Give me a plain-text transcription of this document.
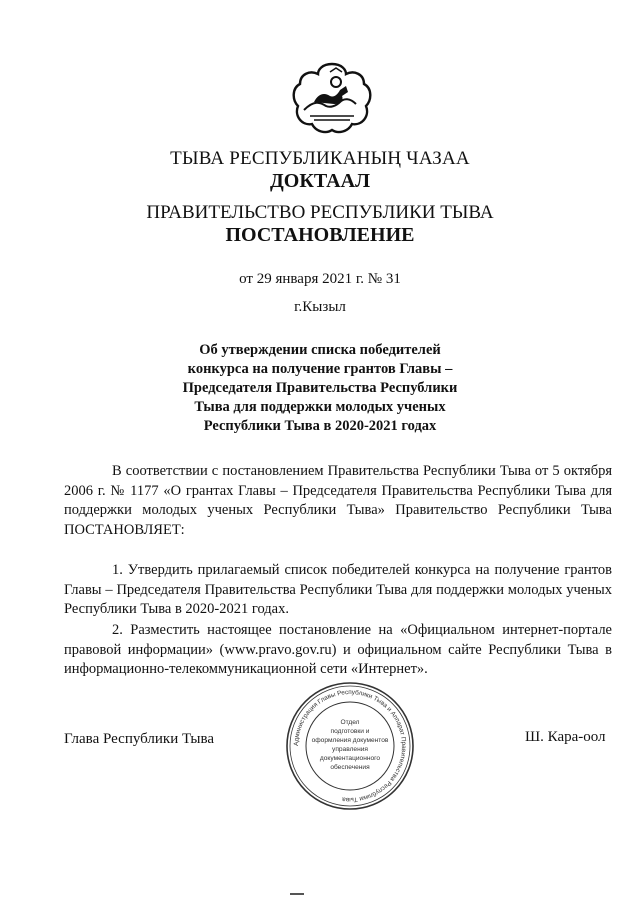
ТЫВА РЕСПУБЛИКАНЫҢ ЧАЗАА
ДОКТААЛ
ПРАВИТЕЛЬСТВО РЕСПУБЛИКИ ТЫВА
ПОСТАНОВЛЕНИЕ
от 29 января 2021 г. № 31
г.Кызыл
Об утверждении списка победителей
конкурса на получение грантов Главы –
Председателя Правительства Республики
Тыва для поддержки молодых ученых
Республики Тыва в 2020-2021 годах
В соответствии с постановлением Правительства Республики Тыва от 5 октября 2006 г. № 1177 «О грантах Главы – Председателя Правительства Республики Тыва для поддержки молодых ученых Республики Тыва» Правительство Республики Тыва ПОСТАНОВЛЯЕТ:
1. Утвердить прилагаемый список победителей конкурса на получение грантов Главы – Председателя Правительства Республики Тыва для поддержки молодых ученых Республики Тыва в 2020-2021 годах.
2. Разместить настоящее постановление на «Официальном интернет-портале правовой информации» (www.pravo.gov.ru) и официальном сайте Республики Тыва в информационно-телекоммуникационной сети «Интернет».
Глава Республики Тыва	Ш. Кара-оол
Администрация Главы Республики Тыва и Аппарат Правительства Республики Тыва
Отдел
подготовки и
оформления документов
управления
документационного
обеспечения
